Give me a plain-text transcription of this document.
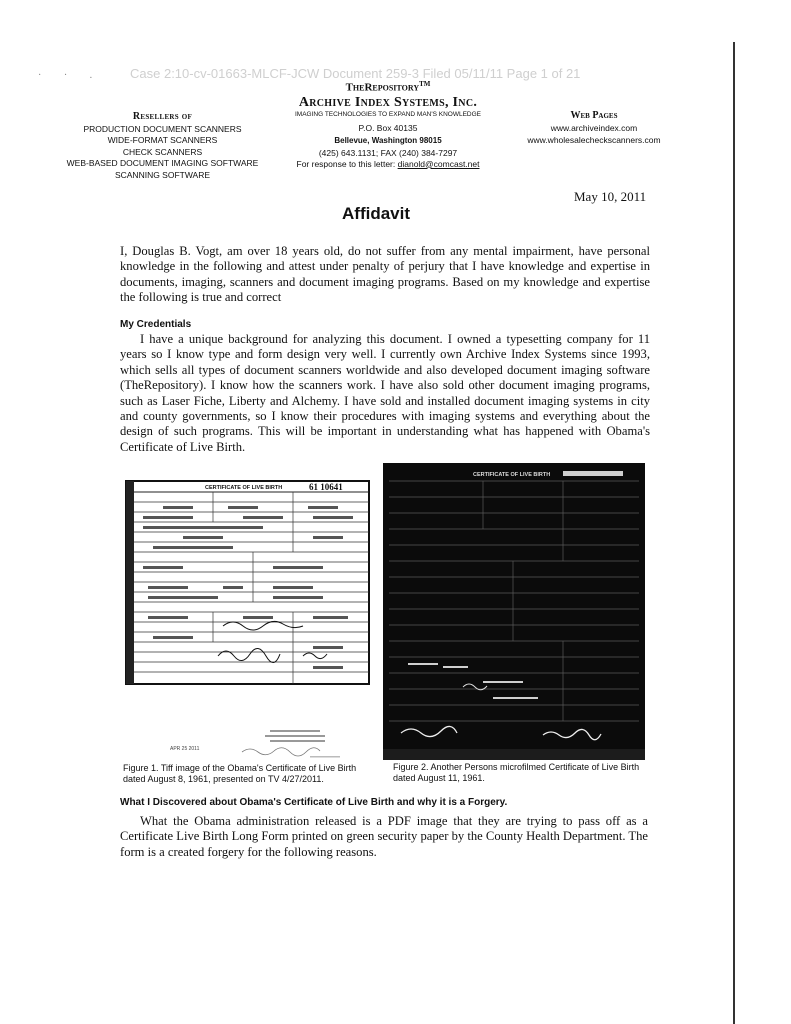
Case 2:10-cv-01663-MLCF-JCW Document 259-3 Filed 05/11/11 Page 1 of 21
· · .
Resellers of
PRODUCTION DOCUMENT SCANNERS
WIDE-FORMAT SCANNERS
CHECK SCANNERS
WEB-BASED DOCUMENT IMAGING SOFTWARE
SCANNING SOFTWARE
TheRepository™
Archive Index Systems, Inc.
IMAGING TECHNOLOGIES TO EXPAND MAN'S KNOWLEDGE
P.O. Box 40135
Bellevue, Washington 98015
(425) 643.1131; FAX (240) 384-7297
For response to this letter: dianold@comcast.net
Web Pages
www.archiveindex.com
www.wholesalecheckscanners.com
May 10, 2011
Affidavit
I, Douglas B. Vogt, am over 18 years old, do not suffer from any mental impairment, have personal knowledge in the following and attest under penalty of perjury that I have knowledge and expertise in documents, imaging, scanners and document imaging programs. Based on my knowledge and expertise the following is true and correct
My Credentials
I have a unique background for analyzing this document. I owned a typesetting company for 11 years so I know type and form design very well. I currently own Archive Index Systems since 1993, which sells all types of document scanners worldwide and also developed document imaging software (TheRepository). I know how the scanners work. I have also sold other document imaging programs, such as Laser Fiche, Liberty and Alchemy. I have sold and installed document imaging systems in city and county governments, so I know their procedures with imaging systems and everything about the design of such programs. This will be important in understanding what has happened with Obama's Certificate of Live Birth.
CERTIFICATE OF LIVE BIRTH	61 10641
APR 25 2011
CERTIFICATE OF LIVE BIRTH
Figure 1. Tiff image of the Obama's Certificate of Live Birth dated August 8, 1961, presented on TV 4/27/2011.
Figure 2. Another Persons microfilmed Certificate of Live Birth dated August 11, 1961.
What I Discovered about Obama's Certificate of Live Birth and why it is a Forgery.
What the Obama administration released is a PDF image that they are trying to pass off as a Certificate Live Birth Long Form printed on green security paper by the County Health Department. The form is a created forgery for the following reasons.
